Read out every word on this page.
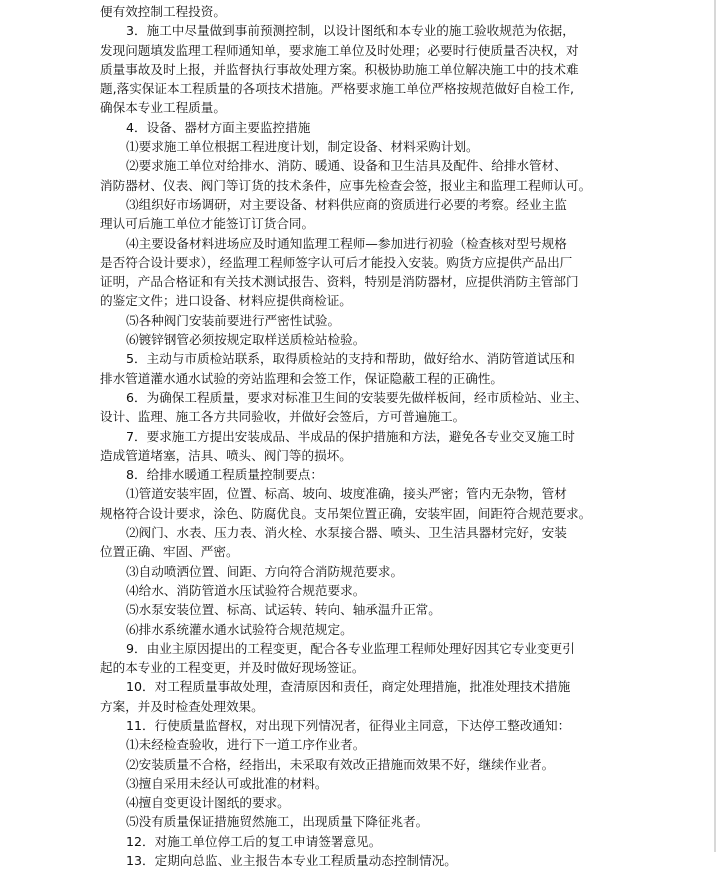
便有效控制工程投资。
3．施工中尽量做到事前预测控制，以设计图纸和本专业的施工验收规范为依据，
发现问题填发监理工程师通知单，要求施工单位及时处理；必要时行使质量否决权，对
质量事故及时上报，并监督执行事故处理方案。积极协助施工单位解决施工中的技术难
题,落实保证本工程质量的各项技术措施。严格要求施工单位严格按规范做好自检工作,
确保本专业工程质量。
4．设备、器材方面主要监控措施
⑴要求施工单位根据工程进度计划，制定设备、材料采购计划。
⑵要求施工单位对给排水、消防、暖通、设备和卫生洁具及配件、给排水管材、
消防器材、仪表、阀门等订货的技术条件，应事先检查会签，报业主和监理工程师认可。
⑶组织好市场调研，对主要设备、材料供应商的资质进行必要的考察。经业主监
理认可后施工单位才能签订订货合同。
⑷主要设备材料进场应及时通知监理工程师—参加进行初验（检查核对型号规格
是否符合设计要求），经监理工程师签字认可后才能投入安装。购货方应提供产品出厂
证明，产品合格证和有关技术测试报告、资料，特别是消防器材，应提供消防主管部门
的鉴定文件；进口设备、材料应提供商检证。
⑸各种阀门安装前要进行严密性试验。
⑹镀锌钢管必须按规定取样送质检站检验。
5．主动与市质检站联系，取得质检站的支持和帮助，做好给水、消防管道试压和
排水管道灌水通水试验的旁站监理和会签工作，保证隐蔽工程的正确性。
6．为确保工程质量，要求对标准卫生间的安装要先做样板间，经市质检站、业主、
设计、监理、施工各方共同验收，并做好会签后，方可普遍施工。
7．要求施工方提出安装成品、半成品的保护措施和方法，避免各专业交叉施工时
造成管道堵塞，洁具、喷头、阀门等的损坏。
8．给排水暖通工程质量控制要点：
⑴管道安装牢固，位置、标高、坡向、坡度准确，接头严密；管内无杂物，管材
规格符合设计要求，涂色、防腐优良。支吊架位置正确，安装牢固，间距符合规范要求。
⑵阀门、水表、压力表、消火栓、水泵接合器、喷头、卫生洁具器材完好，安装
位置正确、牢固、严密。
⑶自动喷洒位置、间距、方向符合消防规范要求。
⑷给水、消防管道水压试验符合规范要求。
⑸水泵安装位置、标高、试运转、转向、轴承温升正常。
⑹排水系统灌水通水试验符合规范规定。
9．由业主原因提出的工程变更，配合各专业监理工程师处理好因其它专业变更引
起的本专业的工程变更，并及时做好现场签证。
10．对工程质量事故处理，查清原因和责任，商定处理措施，批准处理技术措施
方案，并及时检查处理效果。
11．行使质量监督权，对出现下列情况者，征得业主同意，下达停工整改通知：
⑴未经检查验收，进行下一道工序作业者。
⑵安装质量不合格，经指出，未采取有效改正措施而效果不好，继续作业者。
⑶擅自采用未经认可或批准的材料。
⑷擅自变更设计图纸的要求。
⑸没有质量保证措施贸然施工，出现质量下降征兆者。
12．对施工单位停工后的复工申请签署意见。
13．定期向总监、业主报告本专业工程质量动态控制情况。
